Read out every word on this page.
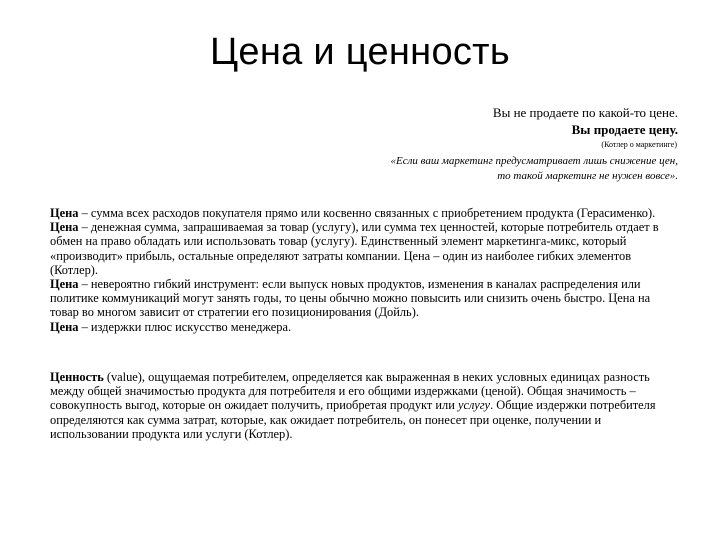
Цена и ценность
Вы не продаете по какой-то цене.
Вы продаете цену.
(Котлер о маркетинге)
«Если ваш маркетинг предусматривает лишь снижение цен,
то такой маркетинг не нужен вовсе».

Цена – сумма всех расходов покупателя прямо или косвенно связанных с приобретением продукта (Герасименко).

Цена – денежная сумма, запрашиваемая за товар (услугу), или сумма тех ценностей, которые потребитель отдает в обмен на право обладать или использовать товар (услугу). Единственный элемент маркетинга-микс, который «производит» прибыль, остальные определяют затраты компании. Цена – один из наиболее гибких элементов (Котлер).

Цена – невероятно гибкий инструмент: если выпуск новых продуктов, изменения в каналах распределения или политике коммуникаций могут занять годы, то цены обычно можно повысить или снизить очень быстро. Цена на товар во многом зависит от стратегии его позиционирования (Дойль).

Цена – издержки плюс искусство менеджера.

Ценность (value), ощущаемая потребителем, определяется как выраженная в неких условных единицах разность между общей значимостью продукта для потребителя и его общими издержками (ценой). Общая значимость – совокупность выгод, которые он ожидает получить, приобретая продукт или услугу. Общие издержки потребителя определяются как сумма затрат, которые, как ожидает потребитель, он понесет при оценке, получении и использовании продукта или услуги (Котлер).
